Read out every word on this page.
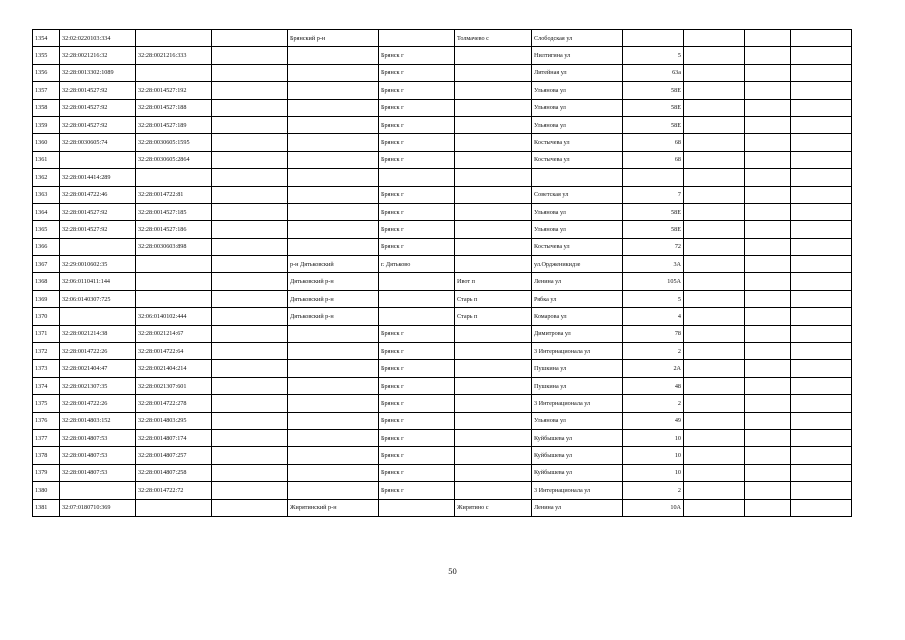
1354	32:02:0220103:334			Брянский р-н		Толмачево с	Слободская ул				
1355	32:28:0021216:32	32:28:0021216:333			Брянск г		Нилтигина ул	5			
1356	32:28:0013302:1089				Брянск г		Литейная ул	63а			
1357	32:28:0014527:92	32:28:0014527:192			Брянск г		Ульянова ул	58Е			
1358	32:28:0014527:92	32:28:0014527:188			Брянск г		Ульянова ул	58Е			
1359	32:28:0014527:92	32:28:0014527:189			Брянск г		Ульянова ул	58Е			
1360	32:28:0030605:74	32:28:0030605:1595			Брянск г		Костычева ул	68			
1361		32:28:0030605:2864			Брянск г		Костычева ул	68			
1362	32:28:0014414:289										
1363	32:28:0014722:46	32:28:0014722:81			Брянск г		Советская ул	7			
1364	32:28:0014527:92	32:28:0014527:185			Брянск г		Ульянова ул	58Е			
1365	32:28:0014527:92	32:28:0014527:186			Брянск г		Ульянова ул	58Е			
1366		32:28:0030603:898			Брянск г		Костычева ул	72			
1367	32:29:0010602:35			р-н Дятьковский	г. Дятьково		ул.Ордженикидзе	3А			
1368	32:06:0110411:144			Дятьковский р-н		Ивот п	Ленина ул	105А			
1369	32:06:0140307:725			Дятьковский р-н		Старь п	Рябка ул	5			
1370		32:06:0140102:444		Дятьковский р-н		Старь п	Комарова ул	4			
1371	32:28:0021214:38	32:28:0021214:67			Брянск г		Димитрова ул	78			
1372	32:28:0014722:26	32:28:0014722:64			Брянск г		3 Интернационала ул	2			
1373	32:28:0021404:47	32:28:0021404:214			Брянск г		Пушкина ул	2А			
1374	32:28:0021307:35	32:28:0021307:601			Брянск г		Пушкина ул	48			
1375	32:28:0014722:26	32:28:0014722:278			Брянск г		3 Интернационала ул	2			
1376	32:28:0014803:152	32:28:0014803:295			Брянск г		Ульянова ул	49			
1377	32:28:0014807:53	32:28:0014807:174			Брянск г		Куйбышева ул	10			
1378	32:28:0014807:53	32:28:0014807:257			Брянск г		Куйбышева ул	10			
1379	32:28:0014807:53	32:28:0014807:258			Брянск г		Куйбышева ул	10			
1380		32:28:0014722:72			Брянск г		3 Интернационала ул	2			
1381	32:07:0180710:369			Жирятинский р-н		Жирятино с	Ленина ул	10А			
50
